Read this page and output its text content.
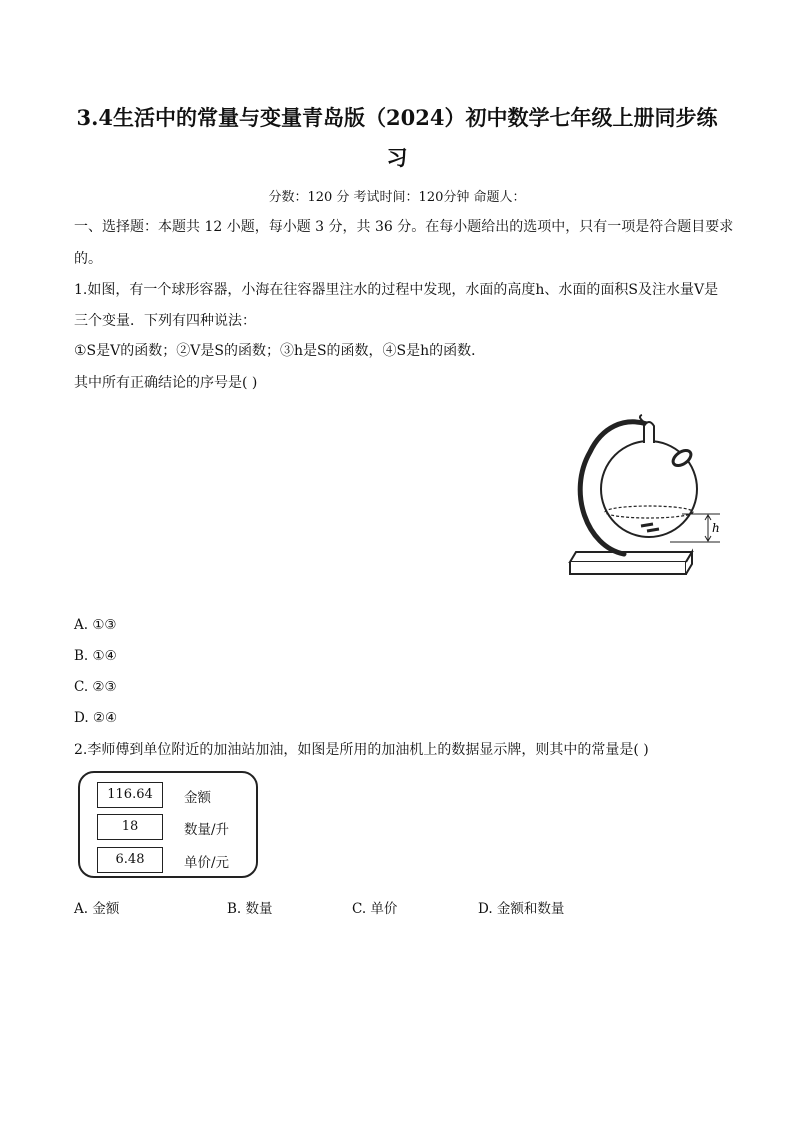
3.4生活中的常量与变量青岛版（2024）初中数学七年级上册同步练
习
分数：120 分 考试时间：120分钟 命题人：
一、选择题：本题共 12 小题，每小题 3 分，共 36 分。在每小题给出的选项中，只有一项是符合题目要求
的。
1.如图，有一个球形容器，小海在往容器里注水的过程中发现，水面的高度h、水面的面积S及注水量V是
三个变量．下列有四种说法：
①S是V的函数；②V是S的函数；③h是S的函数，④S是h的函数．
其中所有正确结论的序号是( )
h
A. ①③
B. ①④
C. ②③
D. ②④
2.李师傅到单位附近的加油站加油，如图是所用的加油机上的数据显示牌，则其中的常量是( )
116.64	金额
18	数量/升
6.48	单价/元
A. 金额	B. 数量	C. 单价	D. 金额和数量
